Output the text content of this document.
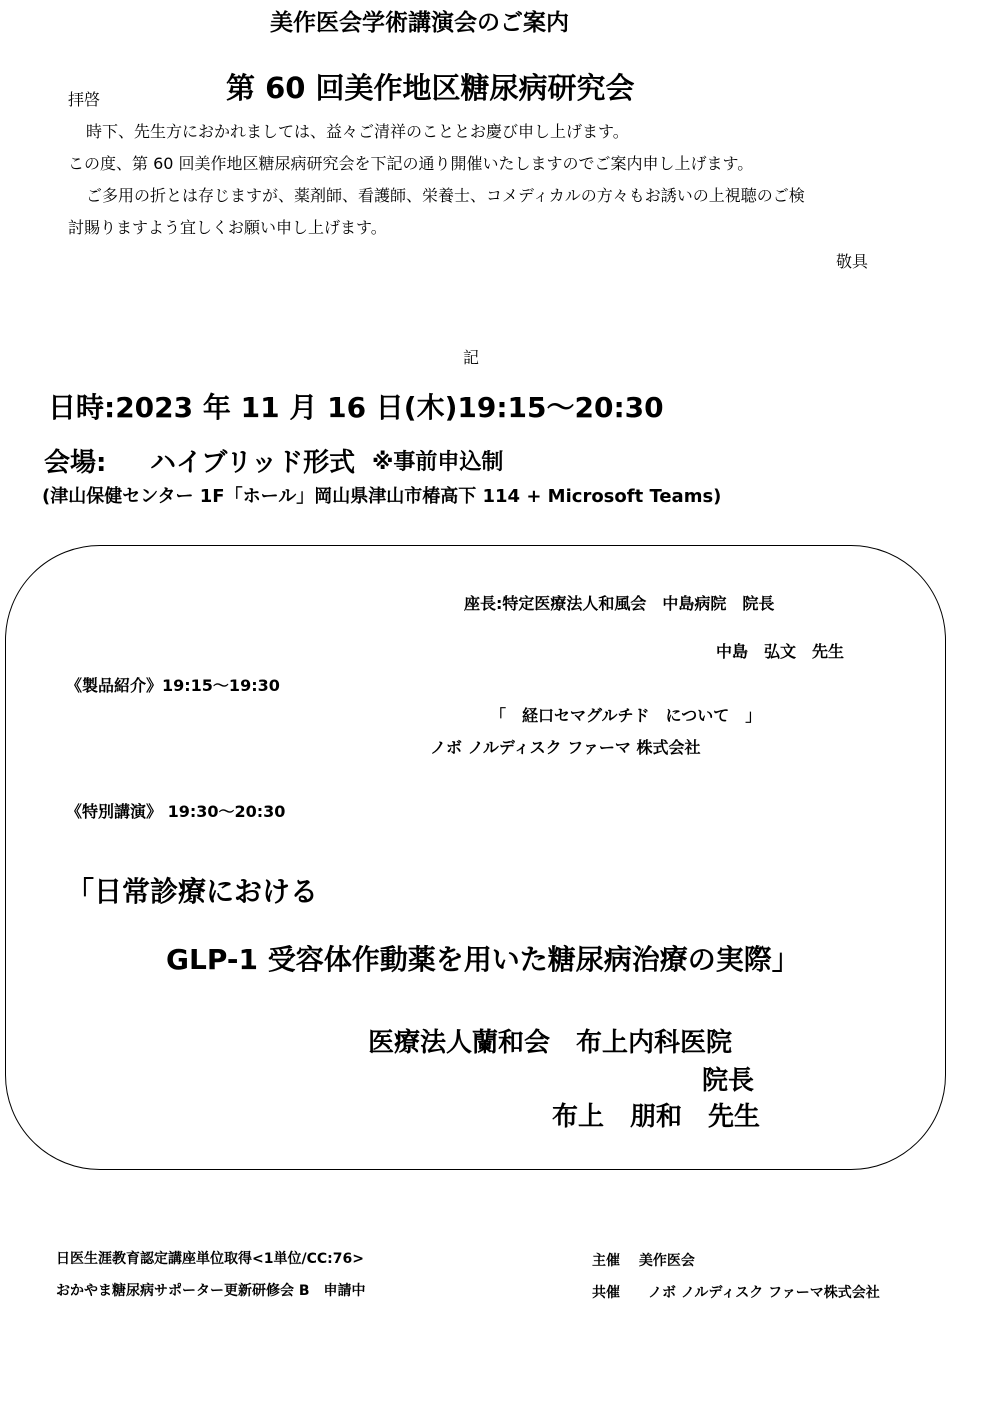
美作医会学術講演会のご案内
拝啓	第 60 回美作地区糖尿病研究会
時下、先生方におかれましては、益々ご清祥のこととお慶び申し上げます。
この度、第 60 回美作地区糖尿病研究会を下記の通り開催いたしますのでご案内申し上げます。
ご多用の折とは存じますが、薬剤師、看護師、栄養士、コメディカルの方々もお誘いの上視聴のご検
討賜りますよう宜しくお願い申し上げます。
敬具
記
日時:2023 年 11 月 16 日(木)19:15～20:30
会場: ハイブリッド形式 ※事前申込制
(津山保健センター 1F「ホール」岡山県津山市椿高下 114 + Microsoft Teams)
座長:特定医療法人和風会　中島病院　院長
中島　弘文　先生
《製品紹介》19:15～19:30
「　経口セマグルチド　について　」
ノボ ノルディスク ファーマ 株式会社
《特別講演》 19:30～20:30
「日常診療における
GLP-1 受容体作動薬を用いた糖尿病治療の実際」
医療法人蘭和会　布上内科医院
院長
布上　朋和　先生
日医生涯教育認定講座単位取得<1単位/CC:76>
おかやま糖尿病サポーター更新研修会 B　申請中
主催　 美作医会
共催　　ノボ ノルディスク ファーマ株式会社
